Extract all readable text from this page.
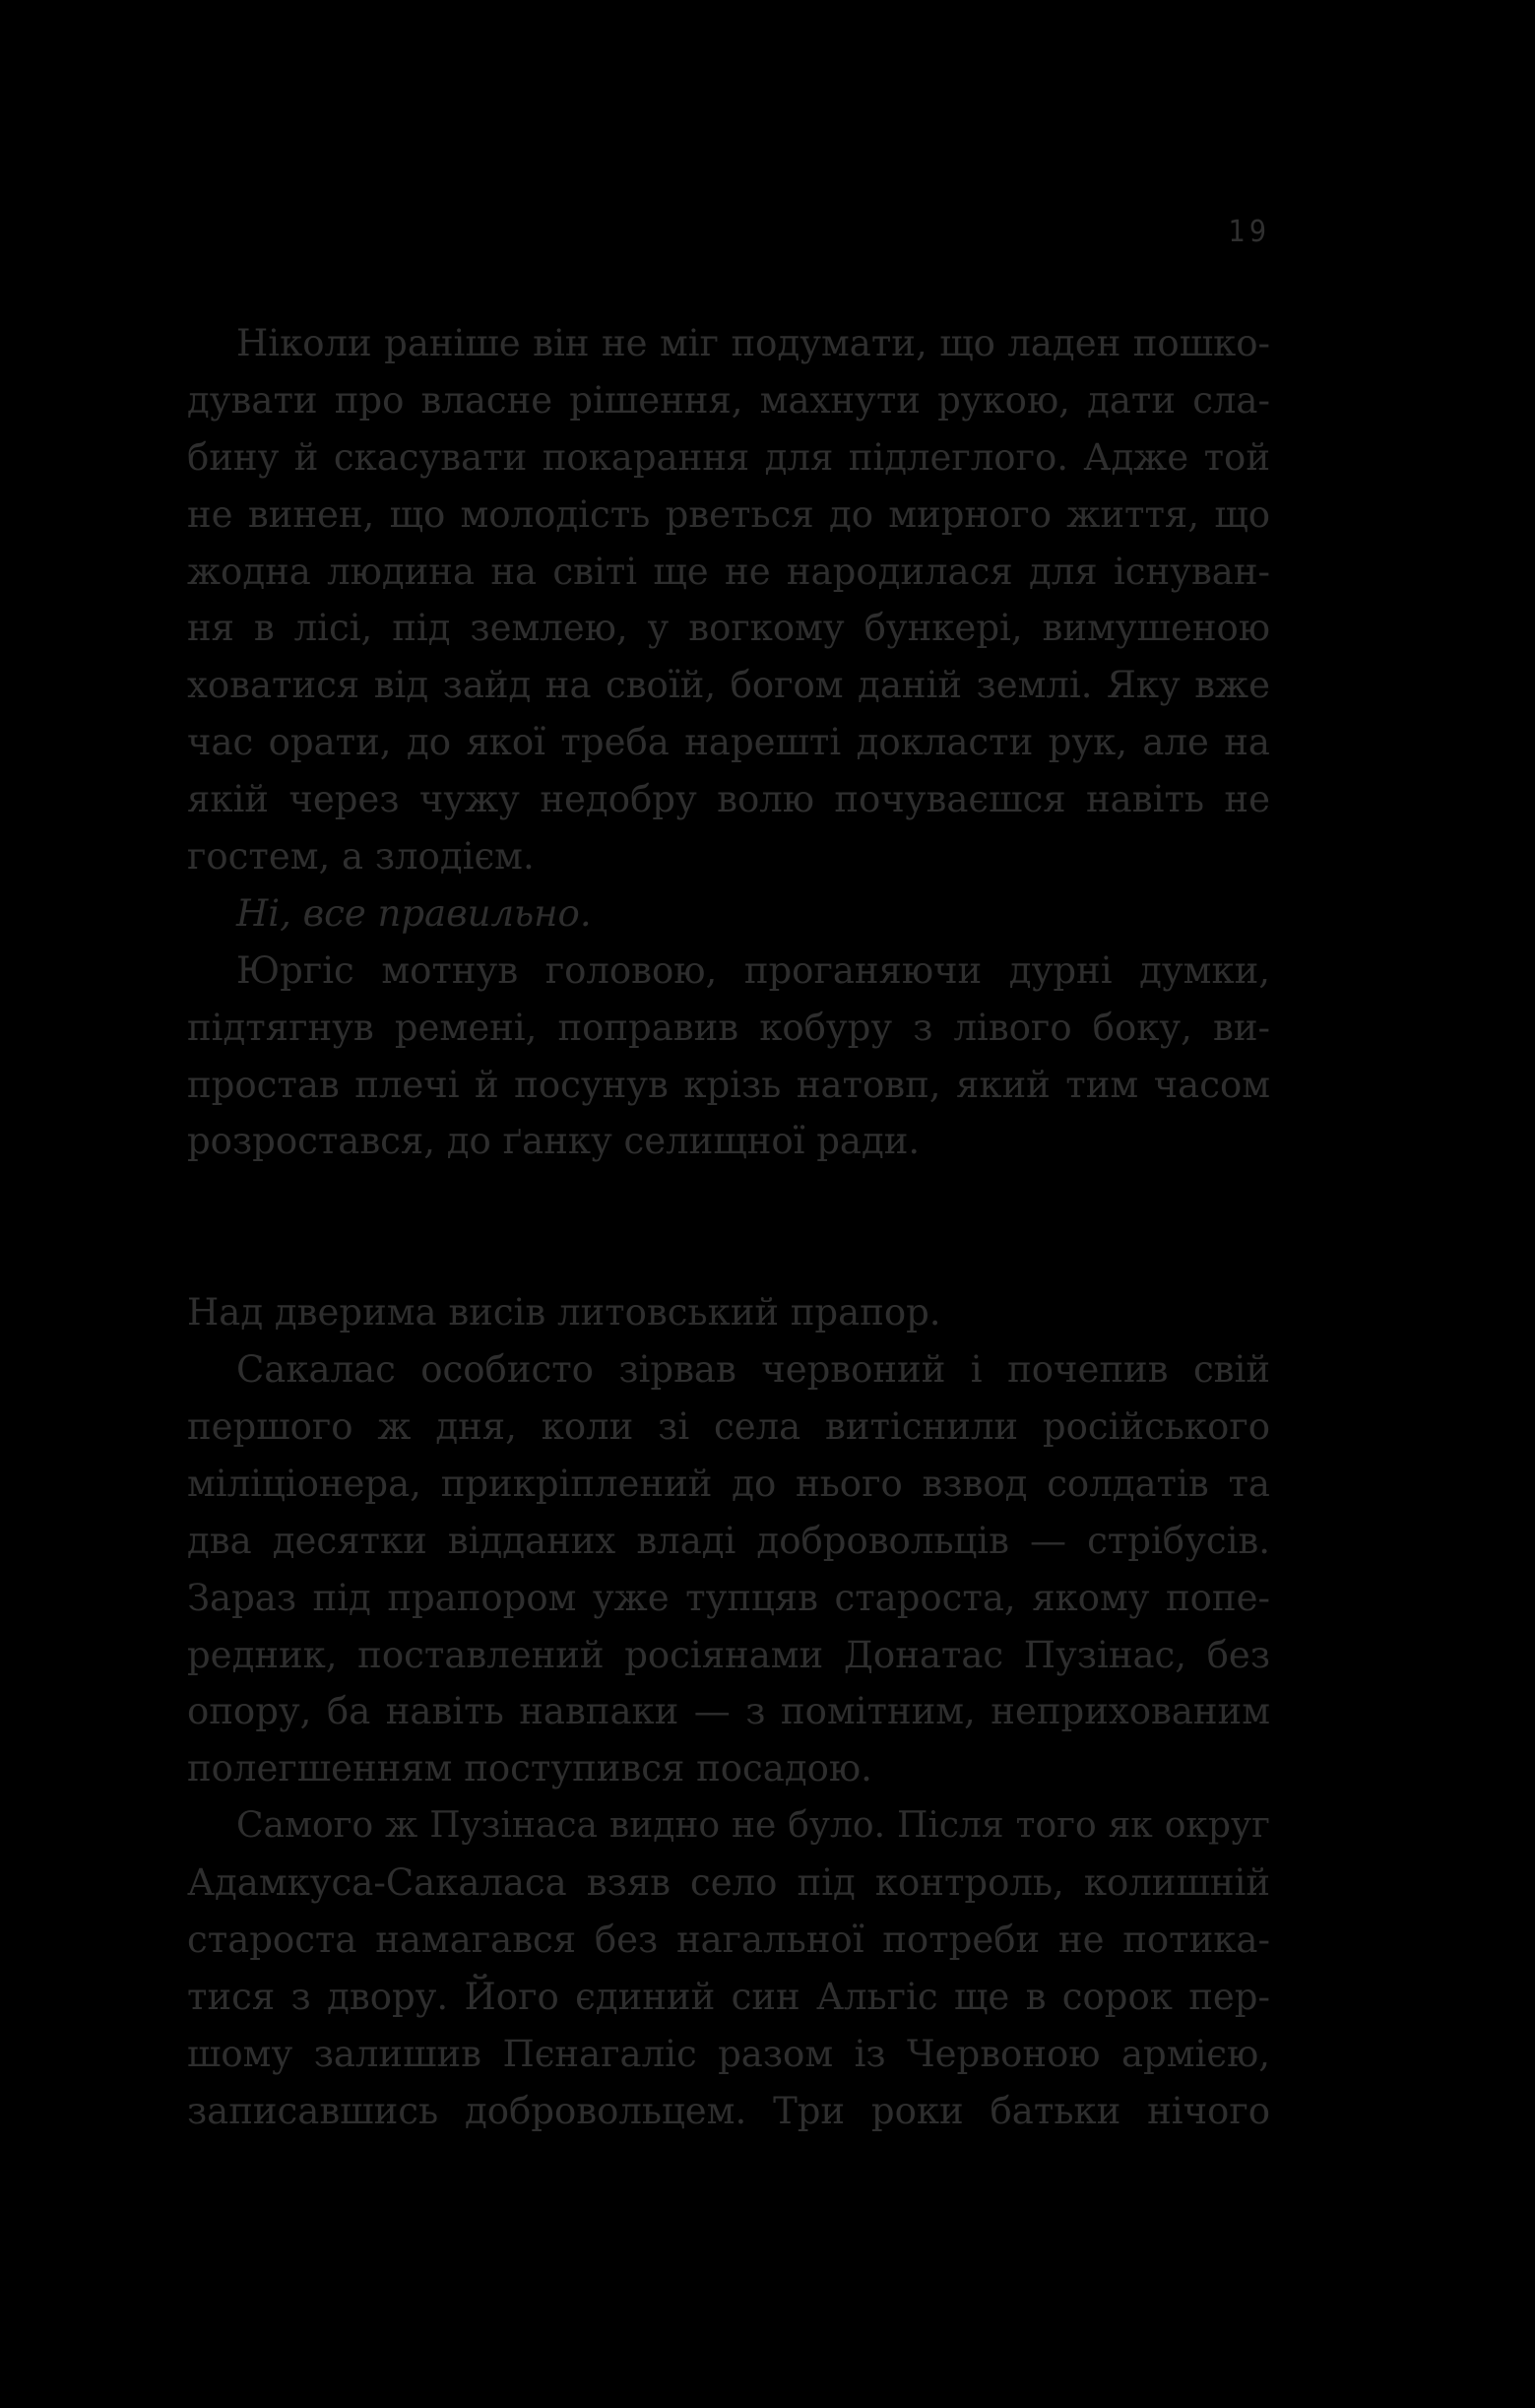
19
Ніколи раніше він не міг подумати, що ладен пошко-
дувати про власне рішення, махнути рукою, дати сла-
бину й скасувати покарання для підлеглого. Адже той
не винен, що молодість рветься до мирного життя, що
жодна людина на світі ще не народилася для існуван-
ня в лісі, під землею, у вогкому бункері, вимушеною
ховатися від зайд на своїй, богом даній землі. Яку вже
час орати, до якої треба нарешті докласти рук, але на
якій через чужу недобру волю почуваєшся навіть не
гостем, а злодієм.
Ні, все правильно.
Юргіс мотнув головою, проганяючи дурні думки,
підтягнув ремені, поправив кобуру з лівого боку, ви-
простав плечі й посунув крізь натовп, який тим часом
розростався, до ґанку селищної ради.
Над дверима висів литовський прапор.
Сакалас особисто зірвав червоний і почепив свій
першого ж дня, коли зі села витіснили російського
міліціонера, прикріплений до нього взвод солдатів та
два десятки відданих владі добровольців — стрібусів.
Зараз під прапором уже тупцяв староста, якому попе-
редник, поставлений росіянами Донатас Пузінас, без
опору, ба навіть навпаки — з помітним, неприхованим
полегшенням поступився посадою.
Самого ж Пузінаса видно не було. Після того як округ
Адамкуса-Сакаласа взяв село під контроль, колишній
староста намагався без нагальної потреби не потика-
тися з двору. Його єдиний син Альгіс ще в сорок пер-
шому залишив Пєнагаліс разом із Червоною армією,
записавшись добровольцем. Три роки батьки нічого
